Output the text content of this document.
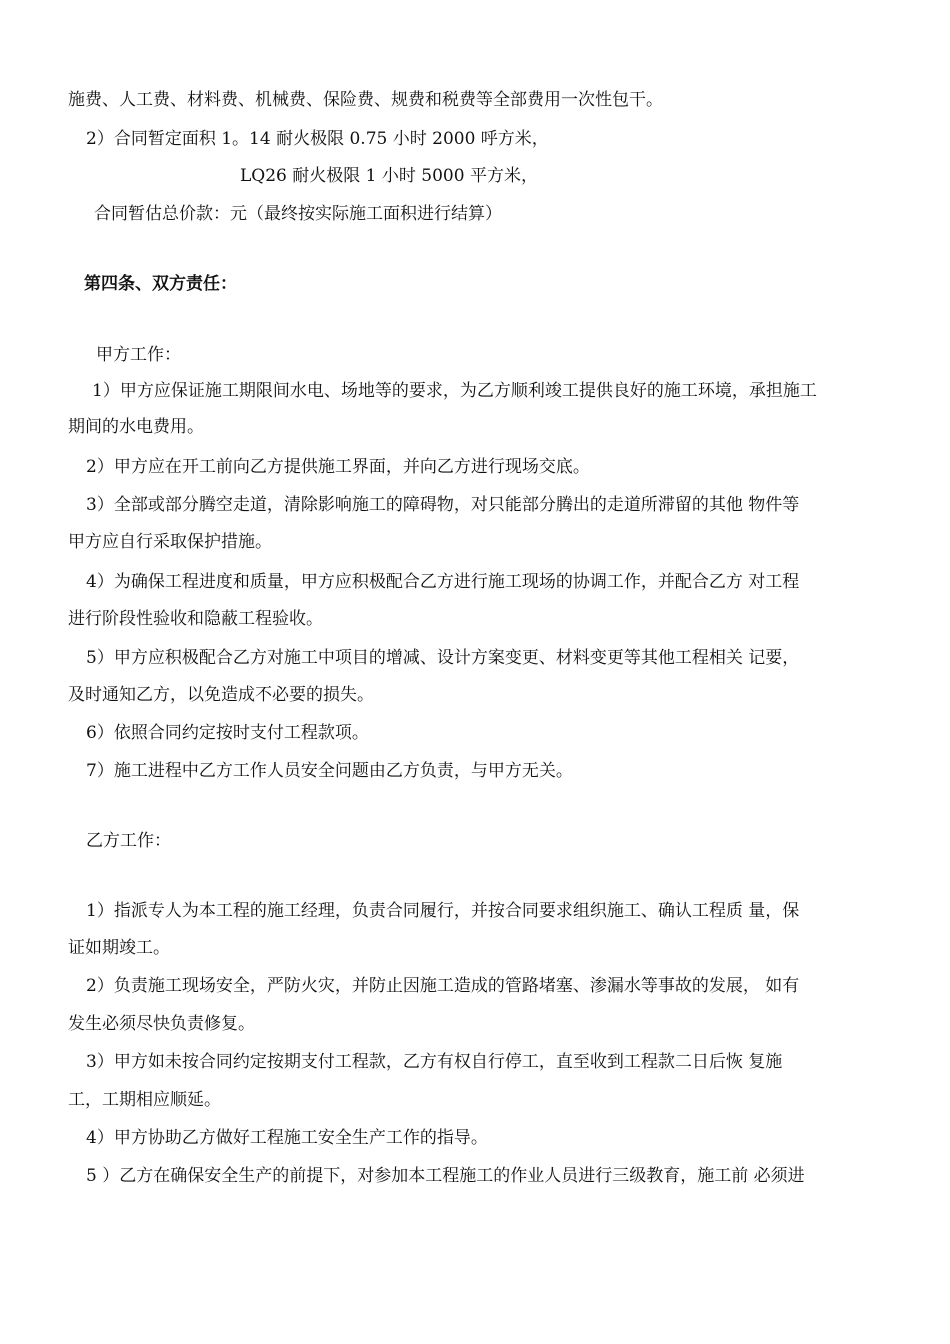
施费、人工费、材料费、机械费、保险费、规费和税费等全部费用一次性包干。
2）合同暂定面积 1。14 耐火极限 0.75 小时 2000 呼方米，
LQ26 耐火极限 1 小时 5000 平方米，
合同暂估总价款：元（最终按实际施工面积进行结算）
第四条、双方责任：
甲方工作：
1）甲方应保证施工期限间水电、场地等的要求，为乙方顺利竣工提供良好的施工环境，承担施工
期间的水电费用。
2）甲方应在开工前向乙方提供施工界面，并向乙方进行现场交底。
3）全部或部分腾空走道，清除影响施工的障碍物，对只能部分腾出的走道所滞留的其他 物件等
甲方应自行采取保护措施。
4）为确保工程进度和质量，甲方应积极配合乙方进行施工现场的协调工作，并配合乙方 对工程
进行阶段性验收和隐蔽工程验收。
5）甲方应积极配合乙方对施工中项目的增减、设计方案变更、材料变更等其他工程相关 记要，
及时通知乙方，以免造成不必要的损失。
6）依照合同约定按时支付工程款项。
7）施工进程中乙方工作人员安全问题由乙方负责，与甲方无关。
乙方工作：
1）指派专人为本工程的施工经理，负责合同履行，并按合同要求组织施工、确认工程质 量，保
证如期竣工。
2）负责施工现场安全，严防火灾，并防止因施工造成的管路堵塞、渗漏水等事故的发展， 如有
发生必须尽快负责修复。
3）甲方如未按合同约定按期支付工程款，乙方有权自行停工，直至收到工程款二日后恢 复施
工，工期相应顺延。
4）甲方协助乙方做好工程施工安全生产工作的指导。
5 ）乙方在确保安全生产的前提下，对参加本工程施工的作业人员进行三级教育，施工前 必须进
